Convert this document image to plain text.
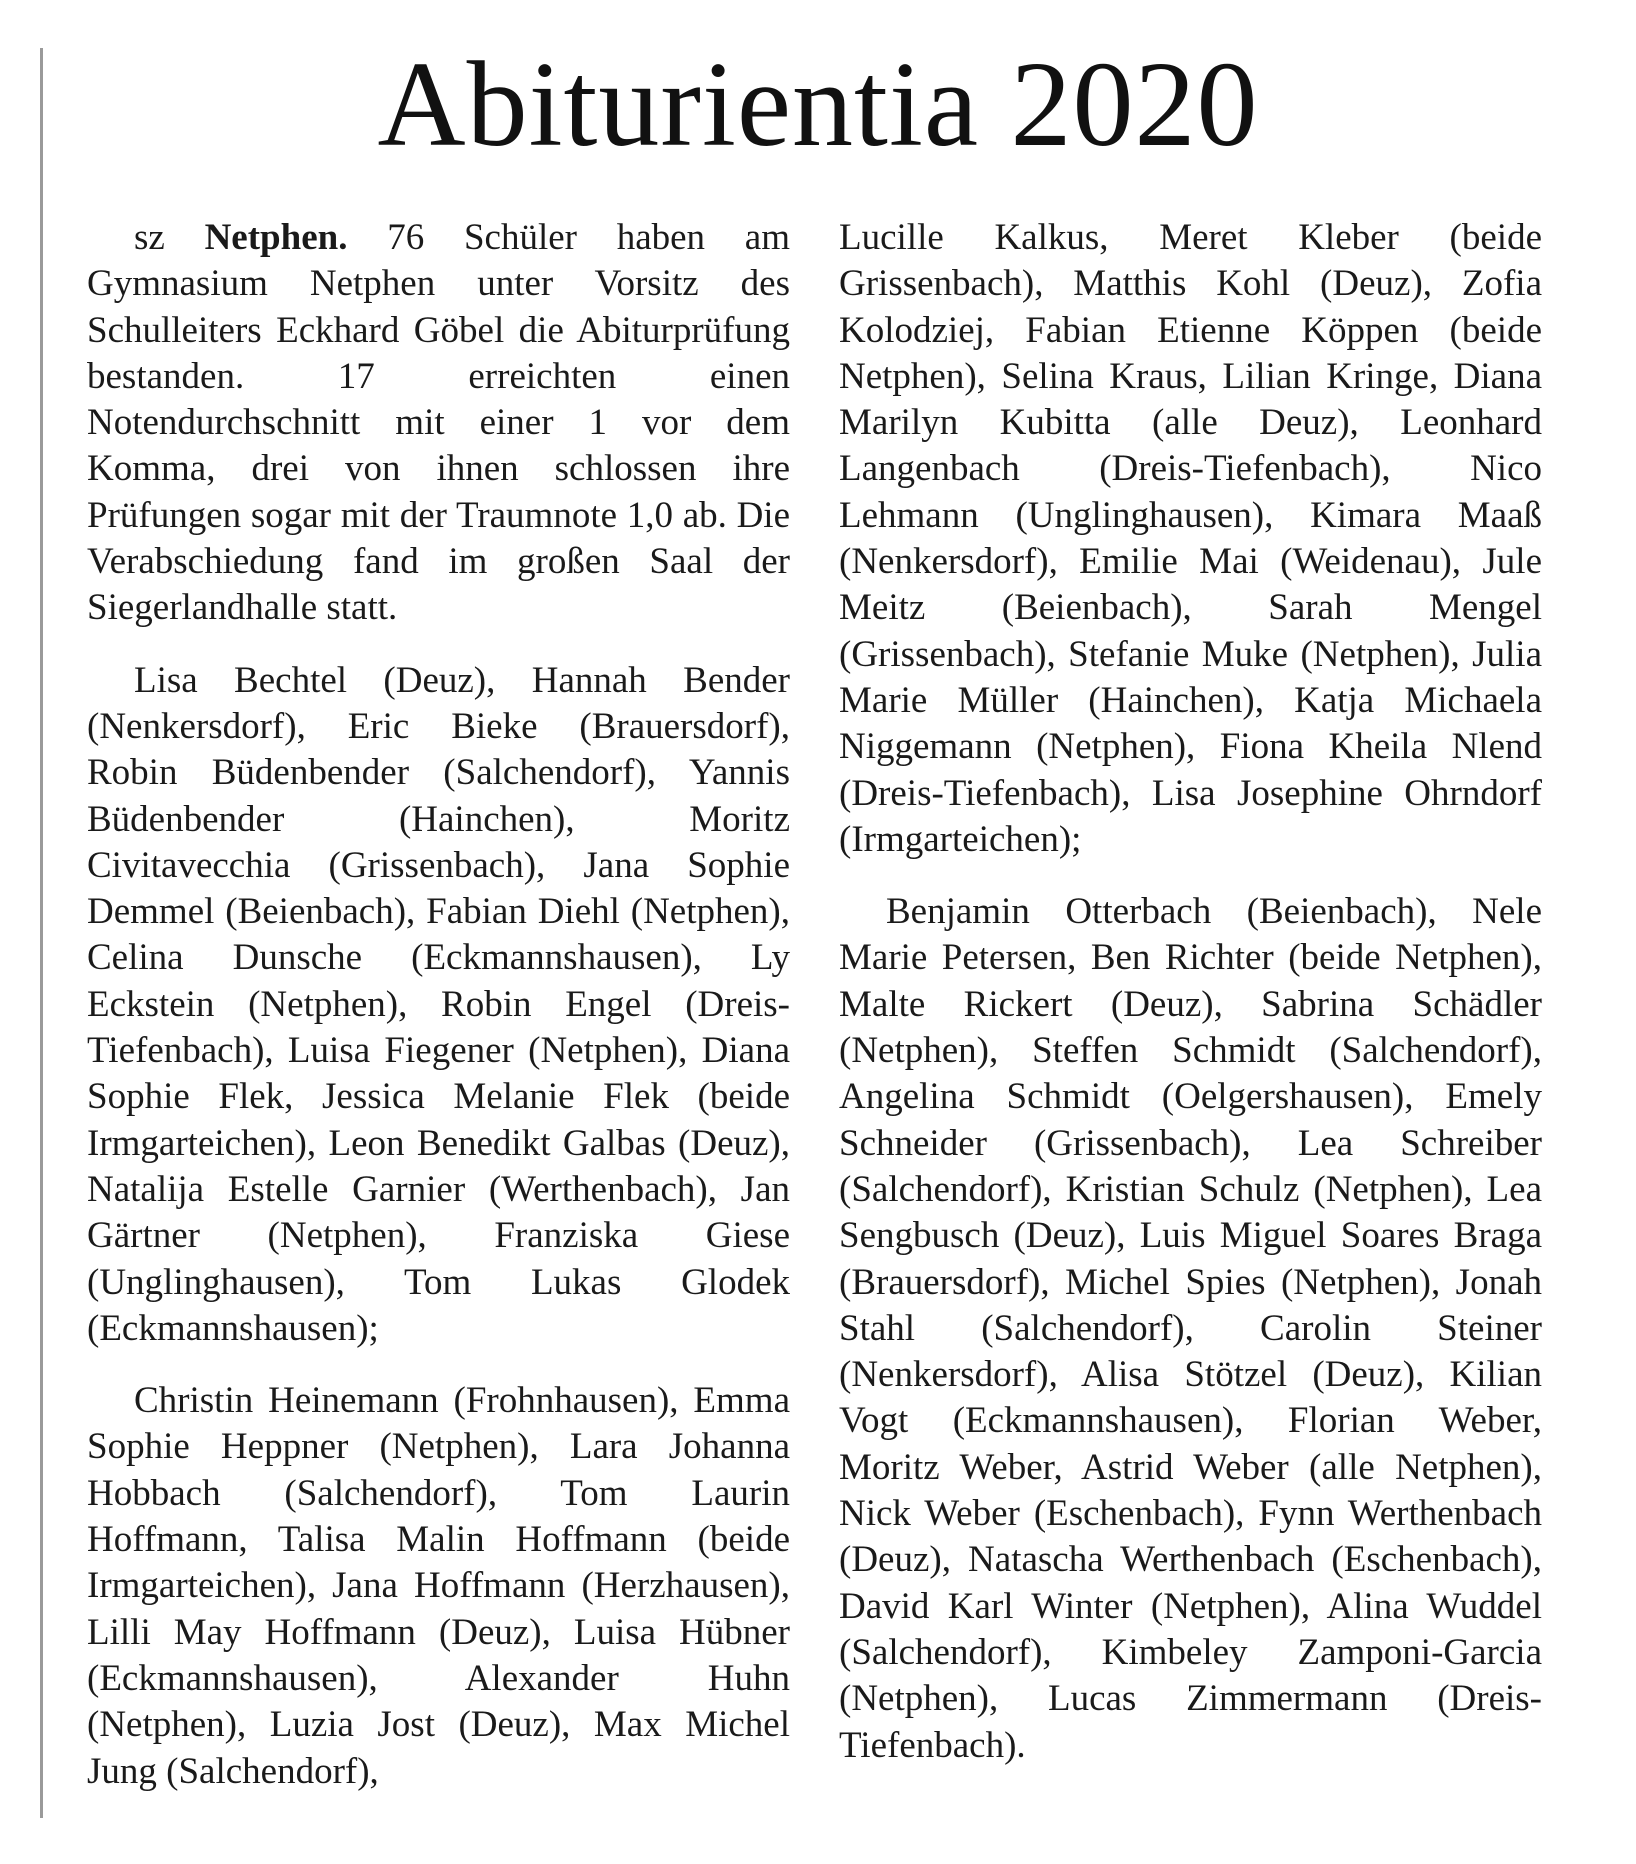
Abiturientia 2020

sz Netphen. 76 Schüler haben am Gymnasium Netphen unter Vorsitz des Schulleiters Eckhard Göbel die Abiturprüfung bestanden. 17 erreichten einen Notendurchschnitt mit einer 1 vor dem Komma, drei von ihnen schlossen ihre Prüfungen sogar mit der Traumnote 1,0 ab. Die Verabschiedung fand im großen Saal der Siegerlandhalle statt.

Lisa Bechtel (Deuz), Hannah Bender (Nenkersdorf), Eric Bieke (Brauersdorf), Robin Büdenbender (Salchendorf), Yannis Büdenbender (Hainchen), Moritz Civitavecchia (Grissenbach), Jana Sophie Demmel (Beienbach), Fabian Diehl (Netphen), Celina Dunsche (Eckmannshausen), Ly Eckstein (Netphen), Robin Engel (Dreis-Tiefenbach), Luisa Fiegener (Netphen), Diana Sophie Flek, Jessica Melanie Flek (beide Irmgarteichen), Leon Benedikt Galbas (Deuz), Natalija Estelle Garnier (Werthenbach), Jan Gärtner (Netphen), Franziska Giese (Unglinghausen), Tom Lukas Glodek (Eckmannshausen);

Christin Heinemann (Frohnhausen), Emma Sophie Heppner (Netphen), Lara Johanna Hobbach (Salchendorf), Tom Laurin Hoffmann, Talisa Malin Hoffmann (beide Irmgarteichen), Jana Hoffmann (Herzhausen), Lilli May Hoffmann (Deuz), Luisa Hübner (Eckmannshausen), Alexander Huhn (Netphen), Luzia Jost (Deuz), Max Michel Jung (Salchendorf),

Lucille Kalkus, Meret Kleber (beide Grissenbach), Matthis Kohl (Deuz), Zofia Kolodziej, Fabian Etienne Köppen (beide Netphen), Selina Kraus, Lilian Kringe, Diana Marilyn Kubitta (alle Deuz), Leonhard Langenbach (Dreis-Tiefenbach), Nico Lehmann (Unglinghausen), Kimara Maaß (Nenkersdorf), Emilie Mai (Weidenau), Jule Meitz (Beienbach), Sarah Mengel (Grissenbach), Stefanie Muke (Netphen), Julia Marie Müller (Hainchen), Katja Michaela Niggemann (Netphen), Fiona Kheila Nlend (Dreis-Tiefenbach), Lisa Josephine Ohrndorf (Irmgarteichen);

Benjamin Otterbach (Beienbach), Nele Marie Petersen, Ben Richter (beide Netphen), Malte Rickert (Deuz), Sabrina Schädler (Netphen), Steffen Schmidt (Salchendorf), Angelina Schmidt (Oelgershausen), Emely Schneider (Grissenbach), Lea Schreiber (Salchendorf), Kristian Schulz (Netphen), Lea Sengbusch (Deuz), Luis Miguel Soares Braga (Brauersdorf), Michel Spies (Netphen), Jonah Stahl (Salchendorf), Carolin Steiner (Nenkersdorf), Alisa Stötzel (Deuz), Kilian Vogt (Eckmannshausen), Florian Weber, Moritz Weber, Astrid Weber (alle Netphen), Nick Weber (Eschenbach), Fynn Werthenbach (Deuz), Natascha Werthenbach (Eschenbach), David Karl Winter (Netphen), Alina Wuddel (Salchendorf), Kimbeley Zamponi-Garcia (Netphen), Lucas Zimmermann (Dreis-Tiefenbach).
